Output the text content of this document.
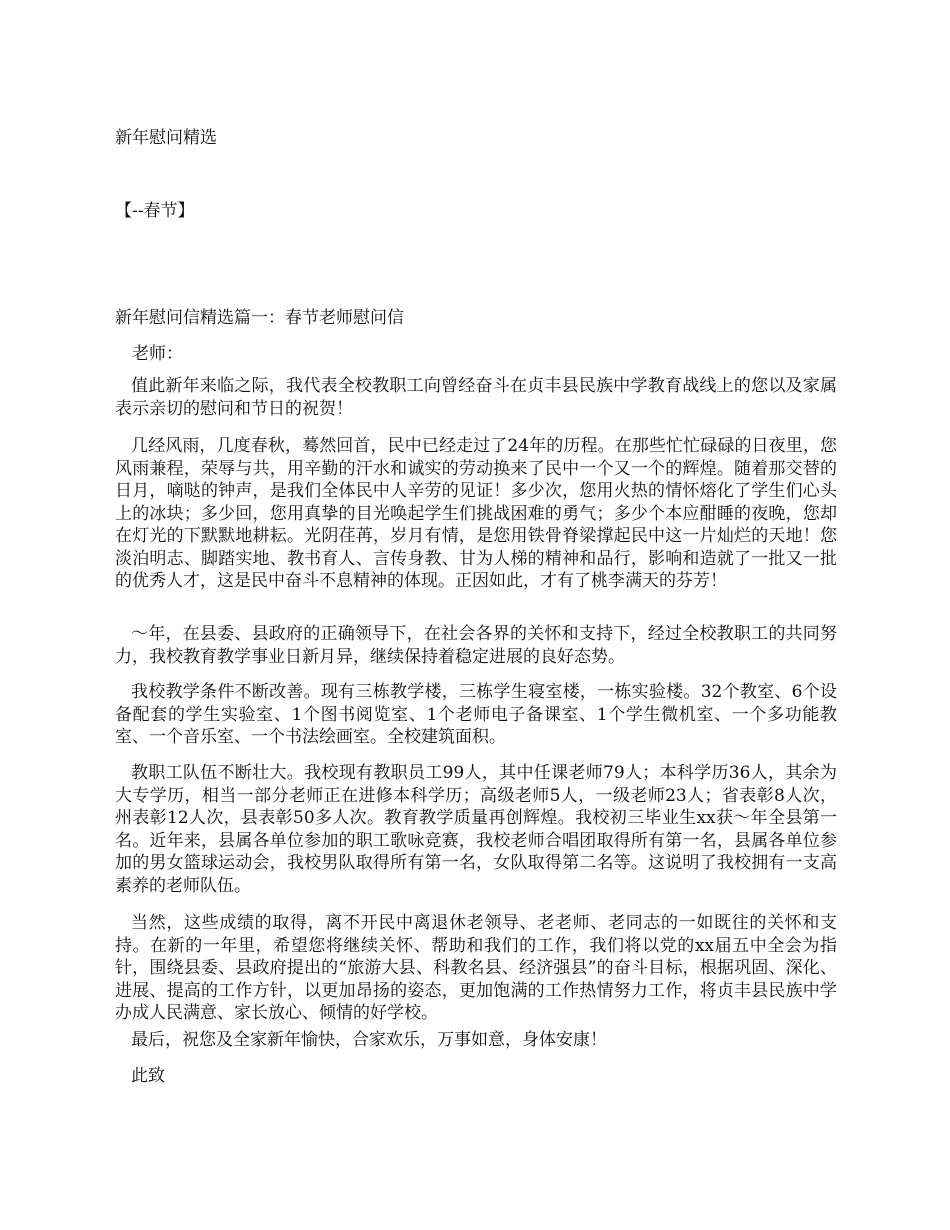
新年慰问精选
【--春节】
新年慰问信精选篇一：春节老师慰问信
老师：
值此新年来临之际，我代表全校教职工向曾经奋斗在贞丰县民族中学教育战线上的您以及家属表示亲切的慰问和节日的祝贺！
几经风雨，几度春秋，蓦然回首，民中已经走过了24年的历程。在那些忙忙碌碌的日夜里，您风雨兼程，荣辱与共，用辛勤的汗水和诚实的劳动换来了民中一个又一个的辉煌。随着那交替的日月，嘀哒的钟声，是我们全体民中人辛劳的见证！多少次，您用火热的情怀熔化了学生们心头上的冰块；多少回，您用真挚的目光唤起学生们挑战困难的勇气；多少个本应酣睡的夜晚，您却在灯光的下默默地耕耘。光阴荏苒，岁月有情，是您用铁骨脊梁撑起民中这一片灿烂的天地！您淡泊明志、脚踏实地、教书育人、言传身教、甘为人梯的精神和品行，影响和造就了一批又一批的优秀人才，这是民中奋斗不息精神的体现。正因如此，才有了桃李满天的芬芳！
～年，在县委、县政府的正确领导下，在社会各界的关怀和支持下，经过全校教职工的共同努力，我校教育教学事业日新月异，继续保持着稳定进展的良好态势。
我校教学条件不断改善。现有三栋教学楼，三栋学生寝室楼，一栋实验楼。32个教室、6个设备配套的学生实验室、1个图书阅览室、1个老师电子备课室、1个学生微机室、一个多功能教室、一个音乐室、一个书法绘画室。全校建筑面积。
教职工队伍不断壮大。我校现有教职员工99人，其中任课老师79人；本科学历36人，其余为大专学历，相当一部分老师正在进修本科学历；高级老师5人，一级老师23人；省表彰8人次，州表彰12人次，县表彰50多人次。教育教学质量再创辉煌。我校初三毕业生xx获～年全县第一名。近年来，县属各单位参加的职工歌咏竞赛，我校老师合唱团取得所有第一名，县属各单位参加的男女篮球运动会，我校男队取得所有第一名，女队取得第二名等。这说明了我校拥有一支高素养的老师队伍。
当然，这些成绩的取得，离不开民中离退休老领导、老老师、老同志的一如既往的关怀和支持。在新的一年里，希望您将继续关怀、帮助和我们的工作，我们将以党的xx届五中全会为指针，围绕县委、县政府提出的“旅游大县、科教名县、经济强县”的奋斗目标，根据巩固、深化、进展、提高的工作方针，以更加昂扬的姿态，更加饱满的工作热情努力工作，将贞丰县民族中学办成人民满意、家长放心、倾情的好学校。
最后，祝您及全家新年愉快，合家欢乐，万事如意，身体安康！
此致
